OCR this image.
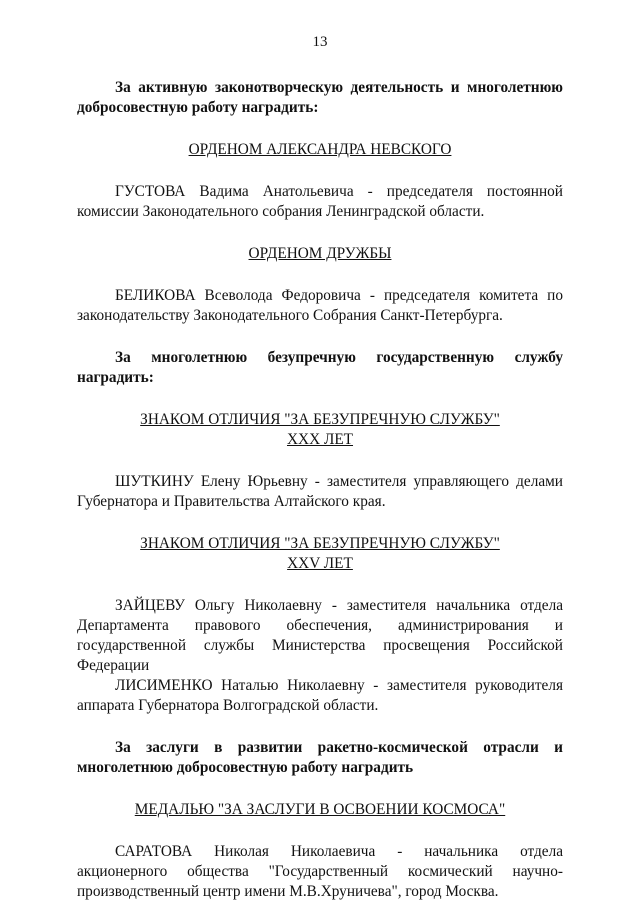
13
За активную законотворческую деятельность и многолетнюю добросовестную работу наградить:
ОРДЕНОМ АЛЕКСАНДРА НЕВСКОГО
ГУСТОВА Вадима Анатольевича - председателя постоянной комиссии Законодательного собрания Ленинградской области.
ОРДЕНОМ ДРУЖБЫ
БЕЛИКОВА Всеволода Федоровича - председателя комитета по законодательству Законодательного Собрания Санкт-Петербурга.
За многолетнюю безупречную государственную службу наградить:
ЗНАКОМ ОТЛИЧИЯ "ЗА БЕЗУПРЕЧНУЮ СЛУЖБУ"
XXX ЛЕТ
ШУТКИНУ Елену Юрьевну - заместителя управляющего делами Губернатора и Правительства Алтайского края.
ЗНАКОМ ОТЛИЧИЯ "ЗА БЕЗУПРЕЧНУЮ СЛУЖБУ"
XXV ЛЕТ
ЗАЙЦЕВУ Ольгу Николаевну - заместителя начальника отдела Департамента правового обеспечения, администрирования и государственной службы Министерства просвещения Российской Федерации
ЛИСИМЕНКО Наталью Николаевну - заместителя руководителя аппарата Губернатора Волгоградской области.
За заслуги в развитии ракетно-космической отрасли и многолетнюю добросовестную работу наградить
МЕДАЛЬЮ "ЗА ЗАСЛУГИ В ОСВОЕНИИ КОСМОСА"
САРАТОВА Николая Николаевича - начальника отдела акционерного общества "Государственный космический научно-производственный центр имени М.В.Хруничева", город Москва.
